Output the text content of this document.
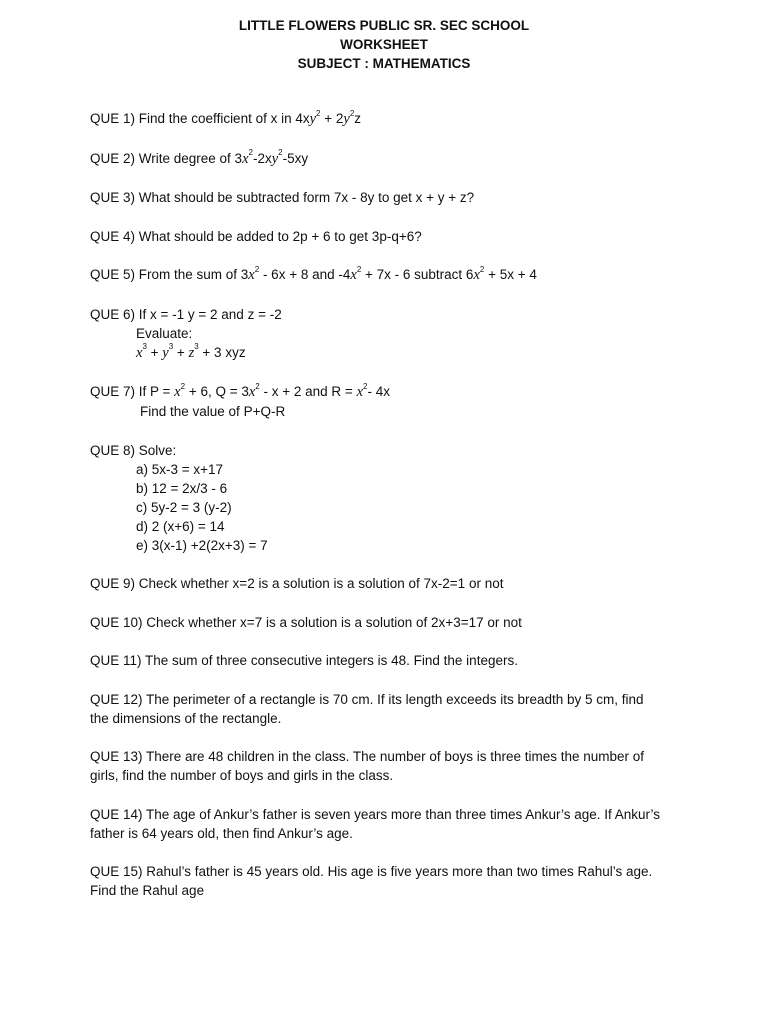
LITTLE FLOWERS PUBLIC SR. SEC SCHOOL
WORKSHEET
SUBJECT : MATHEMATICS
QUE 1) Find the coefficient of x in $4xy^2 + 2y^2z$
QUE 2) Write degree of $3x^2-2xy^2-5xy$
QUE 3) What should be subtracted form 7x - 8y to get x + y + z?
QUE 4) What should be added to 2p + 6 to get 3p-q+6?
QUE 5) From the sum of $3x^2 - 6x + 8$ and $-4x^2 + 7x - 6$ subtract $6x^2 + 5x + 4$
QUE 6) If x = -1 y = 2 and z = -2
Evaluate:
$x^3 + y^3 + z^3 + 3$ xyz
QUE 7) If $P = x^2 + 6$, $Q = 3x^2 - x + 2$ and $R = x^2-$ 4x
Find the value of P+Q-R
QUE 8) Solve:
a) 5x-3 = x+17
b) 12 = 2x/3 - 6
c) 5y-2 = 3 (y-2)
d) 2 (x+6) = 14
e) 3(x-1) +2(2x+3) = 7
QUE 9) Check whether x=2 is a solution is a solution of 7x-2=1 or not
QUE 10) Check whether x=7 is a solution is a solution of 2x+3=17 or not
QUE 11) The sum of three consecutive integers is 48. Find the integers.
QUE 12) The perimeter of a rectangle is 70 cm. If its length exceeds its breadth by 5 cm, find
the dimensions of the rectangle.
QUE 13) There are 48 children in the class. The number of boys is three times the number of
girls, find the number of boys and girls in the class.
QUE 14) The age of Ankur’s father is seven years more than three times Ankur’s age. If Ankur’s
father is 64 years old, then find Ankur’s age.
QUE 15) Rahul’s father is 45 years old. His age is five years more than two times Rahul’s age.
Find the Rahul age
